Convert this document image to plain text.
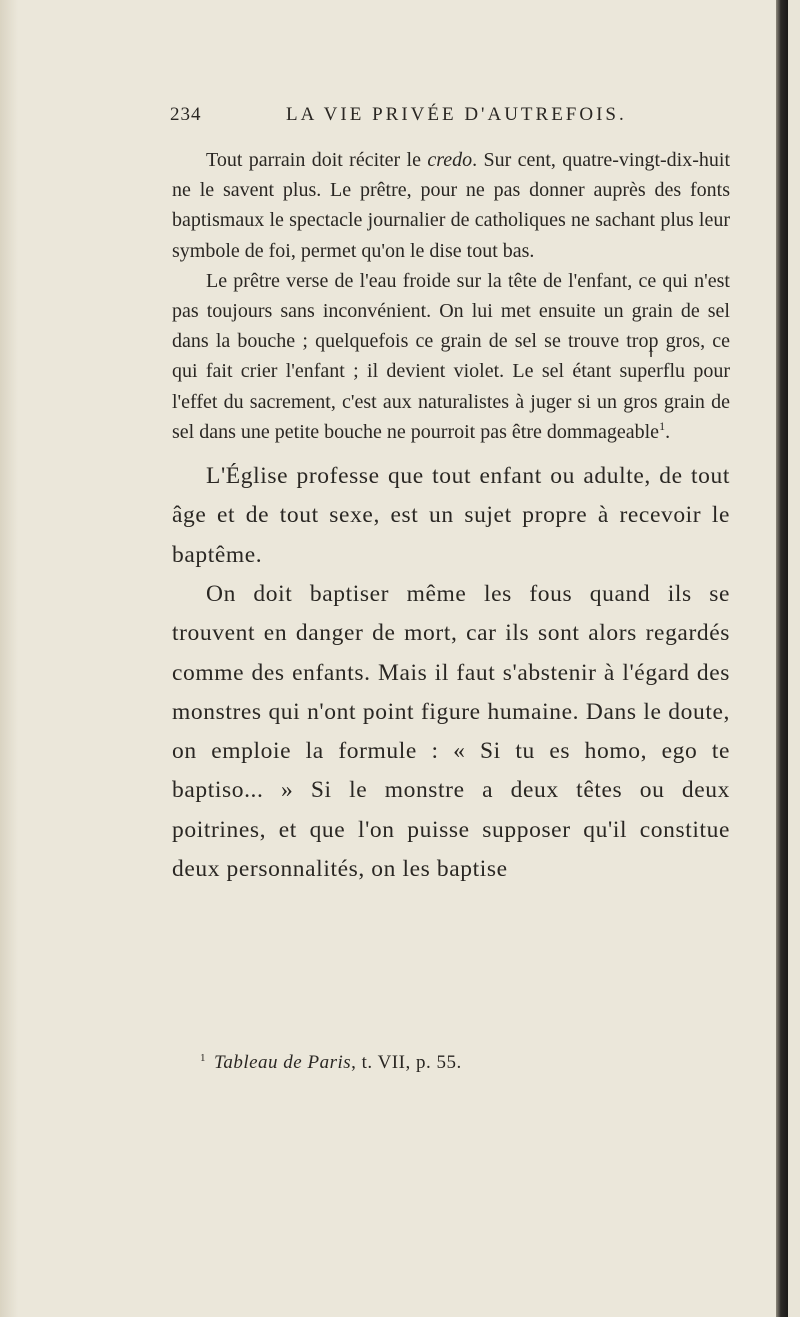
234	LA VIE PRIVÉE D'AUTREFOIS.

Tout parrain doit réciter le credo. Sur cent, quatre-vingt-dix-huit ne le savent plus. Le prêtre, pour ne pas donner auprès des fonts baptismaux le spectacle journalier de catholiques ne sachant plus leur symbole de foi, permet qu'on le dise tout bas.

Le prêtre verse de l'eau froide sur la tête de l'enfant, ce qui n'est pas toujours sans inconvénient. On lui met ensuite un grain de sel dans la bouche ; quelquefois ce grain de sel se trouve trop gros, ce qui fait crier l'enfant ; il devient violet. Le sel étant superflu pour l'effet du sacrement, c'est aux naturalistes à juger si un gros grain de sel dans une petite bouche ne pourroit pas être dommageable$^1$.

L'Église professe que tout enfant ou adulte, de tout âge et de tout sexe, est un sujet propre à recevoir le baptême.

On doit baptiser même les fous quand ils se trouvent en danger de mort, car ils sont alors regardés comme des enfants. Mais il faut s'abstenir à l'égard des monstres qui n'ont point figure humaine. Dans le doute, on emploie la formule : « Si tu es homo, ego te baptiso... » Si le monstre a deux têtes ou deux poitrines, et que l'on puisse supposer qu'il constitue deux personnalités, on les baptise

$^1$ Tableau de Paris, t. VII, p. 55.
